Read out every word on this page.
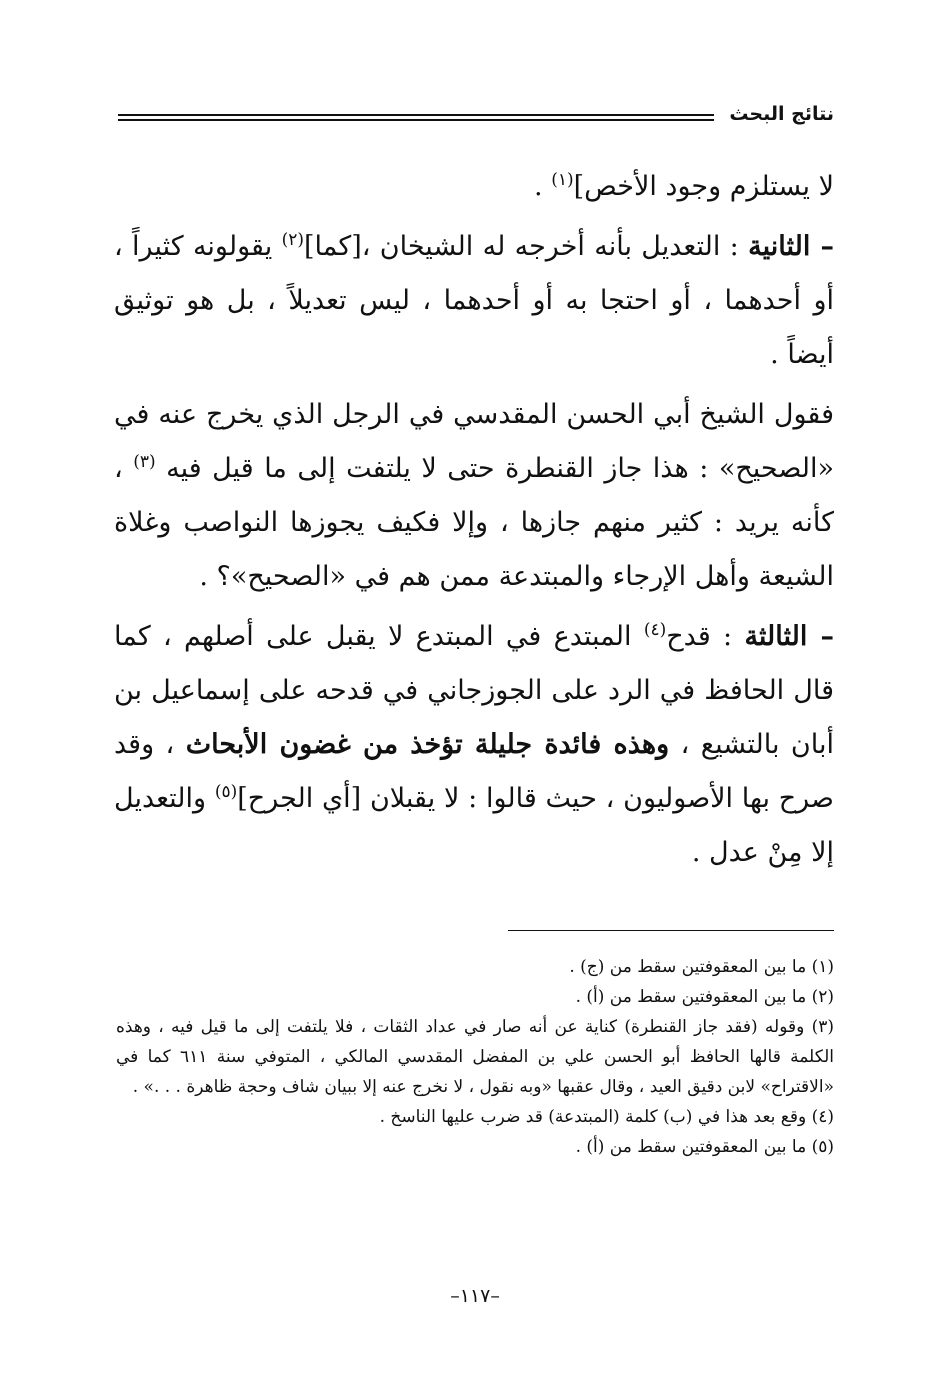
نتائج البحث

لا يستلزم وجود الأخص]$^{(١)}$ .

– الثانية : التعديل بأنه أخرجه له الشيخان ،[كما]$^{(٢)}$ يقولونه كثيراً ، أو أحدهما ، أو احتجا به أو أحدهما ، ليس تعديلاً ، بل هو توثيق أيضاً .

فقول الشيخ أبي الحسن المقدسي في الرجل الذي يخرج عنه في «الصحيح» : هذا جاز القنطرة حتى لا يلتفت إلى ما قيل فيه $^{(٣)}$ ، كأنه يريد : كثير منهم جازها ، وإلا فكيف يجوزها النواصب وغلاة الشيعة وأهل الإرجاء والمبتدعة ممن هم في «الصحيح»؟ .

– الثالثة : قدح$^{(٤)}$ المبتدع في المبتدع لا يقبل على أصلهم ، كما قال الحافظ في الرد على الجوزجاني في قدحه على إسماعيل بن أبان بالتشيع ، وهذه فائدة جليلة تؤخذ من غضون الأبحاث ، وقد صرح بها الأصوليون ، حيث قالوا : لا يقبلان [أي الجرح]$^{(٥)}$ والتعديل إلا مِنْ عدل .

(١) ما بين المعقوفتين سقط من (ج) .

(٢) ما بين المعقوفتين سقط من (أ) .

(٣) وقوله (فقد جاز القنطرة) كناية عن أنه صار في عداد الثقات ، فلا يلتفت إلى ما قيل فيه ، وهذه الكلمة قالها الحافظ أبو الحسن علي بن المفضل المقدسي المالكي ، المتوفي سنة ٦١١ كما في «الاقتراح» لابن دقيق العيد ، وقال عقبها «وبه نقول ، لا نخرج عنه إلا ببيان شاف وحجة ظاهرة . . .» .

(٤) وقع بعد هذا في (ب) كلمة (المبتدعة) قد ضرب عليها الناسخ .

(٥) ما بين المعقوفتين سقط من (أ) .

–١١٧–
